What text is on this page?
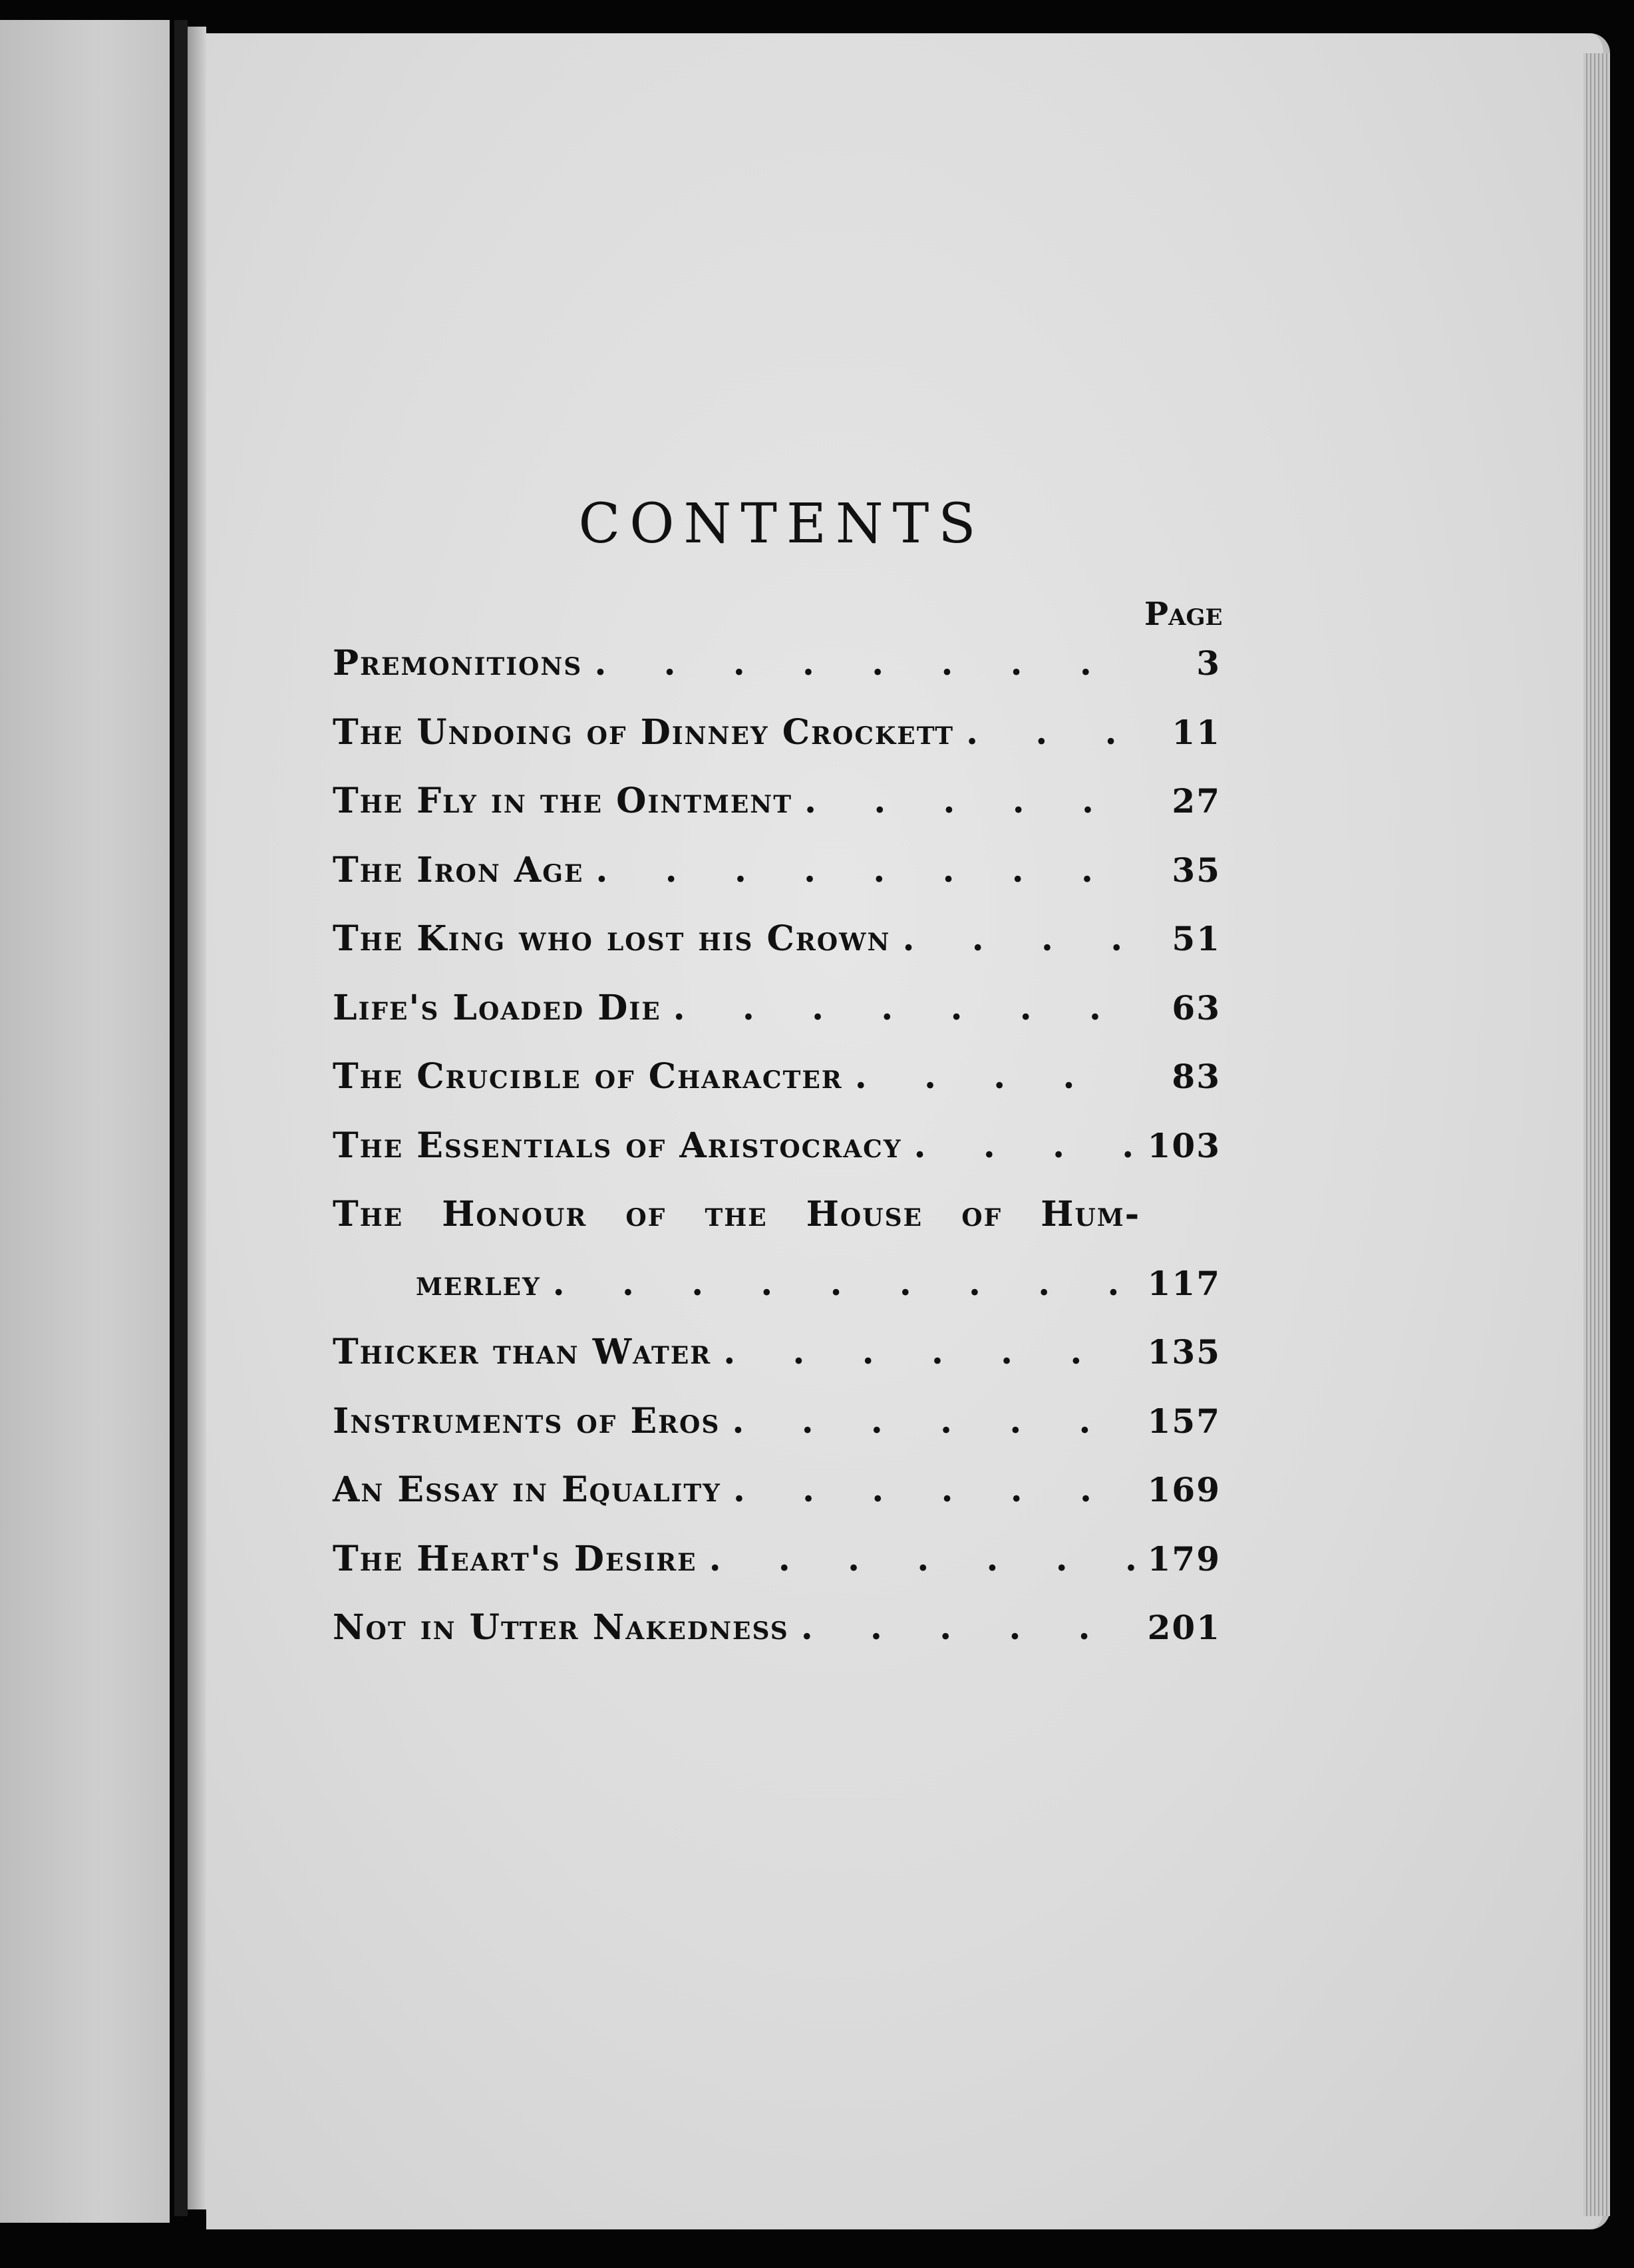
CONTENTS
Page
Premonitions . . .	3
The Undoing of Dinney Crockett . . .	11
The Fly in the Ointment . . .	27
The Iron Age . . .	35
The King who lost his Crown . . .	51
Life's Loaded Die . . .	63
The Crucible of Character . . .	83
The Essentials of Aristocracy . . .	103
The Honour of the House of Hum-
merley . . .	117
Thicker than Water . . .	135
Instruments of Eros . . .	157
An Essay in Equality . . .	169
The Heart's Desire . . .	179
Not in Utter Nakedness . . .	201
